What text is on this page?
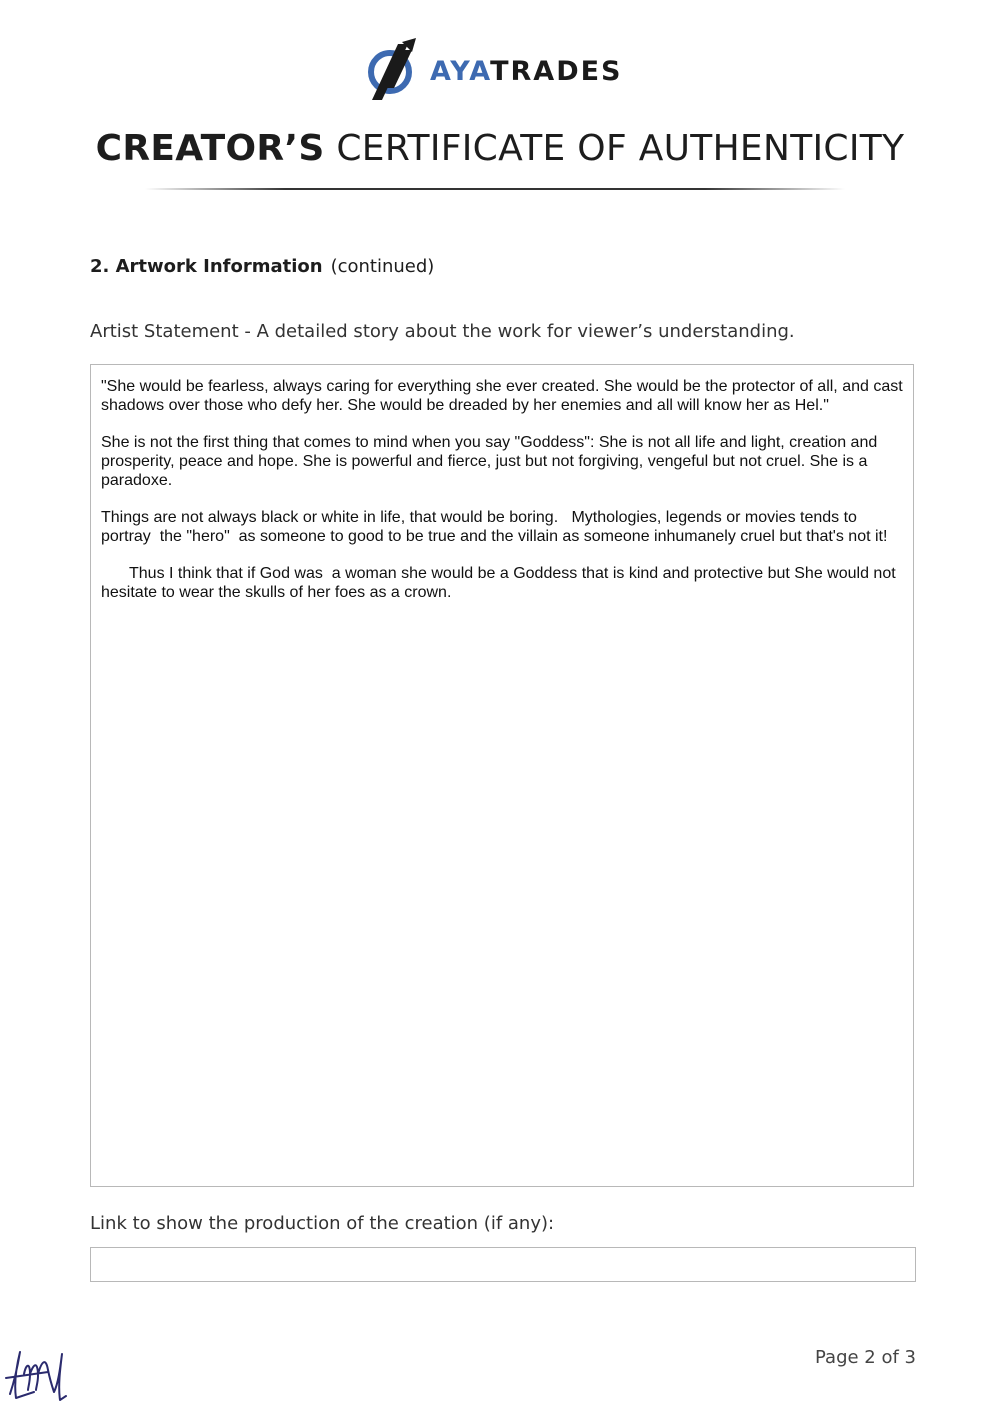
AYATRADES
CREATOR’S CERTIFICATE OF AUTHENTICITY
2. Artwork Information (continued)
Artist Statement - A detailed story about the work for viewer’s understanding.

"She would be fearless, always caring for everything she ever created. She would be the protector of all, and cast shadows over those who defy her. She would be dreaded by her enemies and all will know her as Hel."

She is not the first thing that comes to mind when you say "Goddess": She is not all life and light, creation and prosperity, peace and hope. She is powerful and fierce, just but not forgiving, vengeful but not cruel. She is a paradoxe.

Things are not always black or white in life, that would be boring.   Mythologies, legends or movies tends to portray  the "hero"  as someone to good to be true and the villain as someone inhumanely cruel but that's not it!

Thus I think that if God was  a woman she would be a Goddess that is kind and protective but She would not hesitate to wear the skulls of her foes as a crown.

Link to show the production of the creation (if any):
Page 2 of 3
